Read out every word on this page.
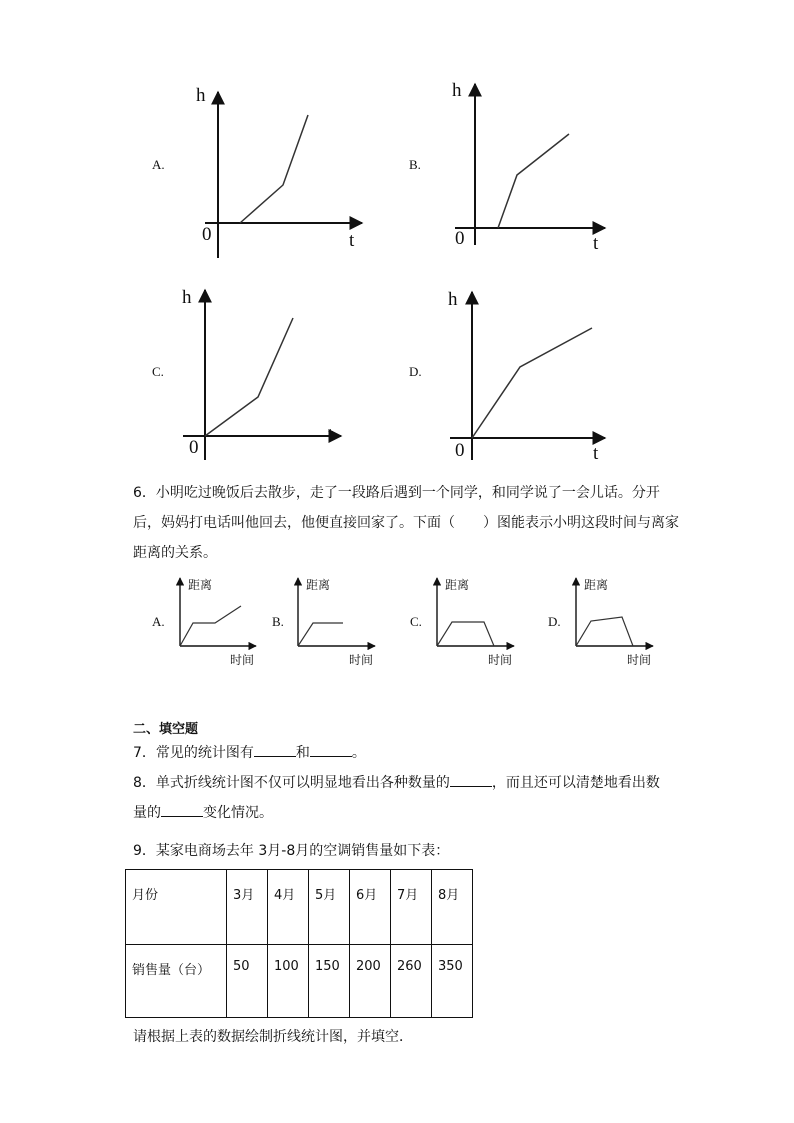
A.	B.
C.	D.
h
t
0
h
t
0
h
t
0
h
t
0
6．小明吃过晚饭后去散步，走了一段路后遇到一个同学，和同学说了一会儿话。分开
后，妈妈打电话叫他回去，他便直接回家了。下面（　　）图能表示小明这段时间与离家
距离的关系。
A.	B.	C.	D.
距离
时间
距离
时间
距离
时间
距离
时间
二、填空题
7．常见的统计图有	和	。
8．单式折线统计图不仅可以明显地看出各种数量的	，而且还可以清楚地看出数
量的	变化情况。
9．某家电商场去年 3月-8月的空调销售量如下表：
月份	3月	4月	5月	6月	7月	8月
销售量（台）	50	100	150	200	260	350
请根据上表的数据绘制折线统计图，并填空．
